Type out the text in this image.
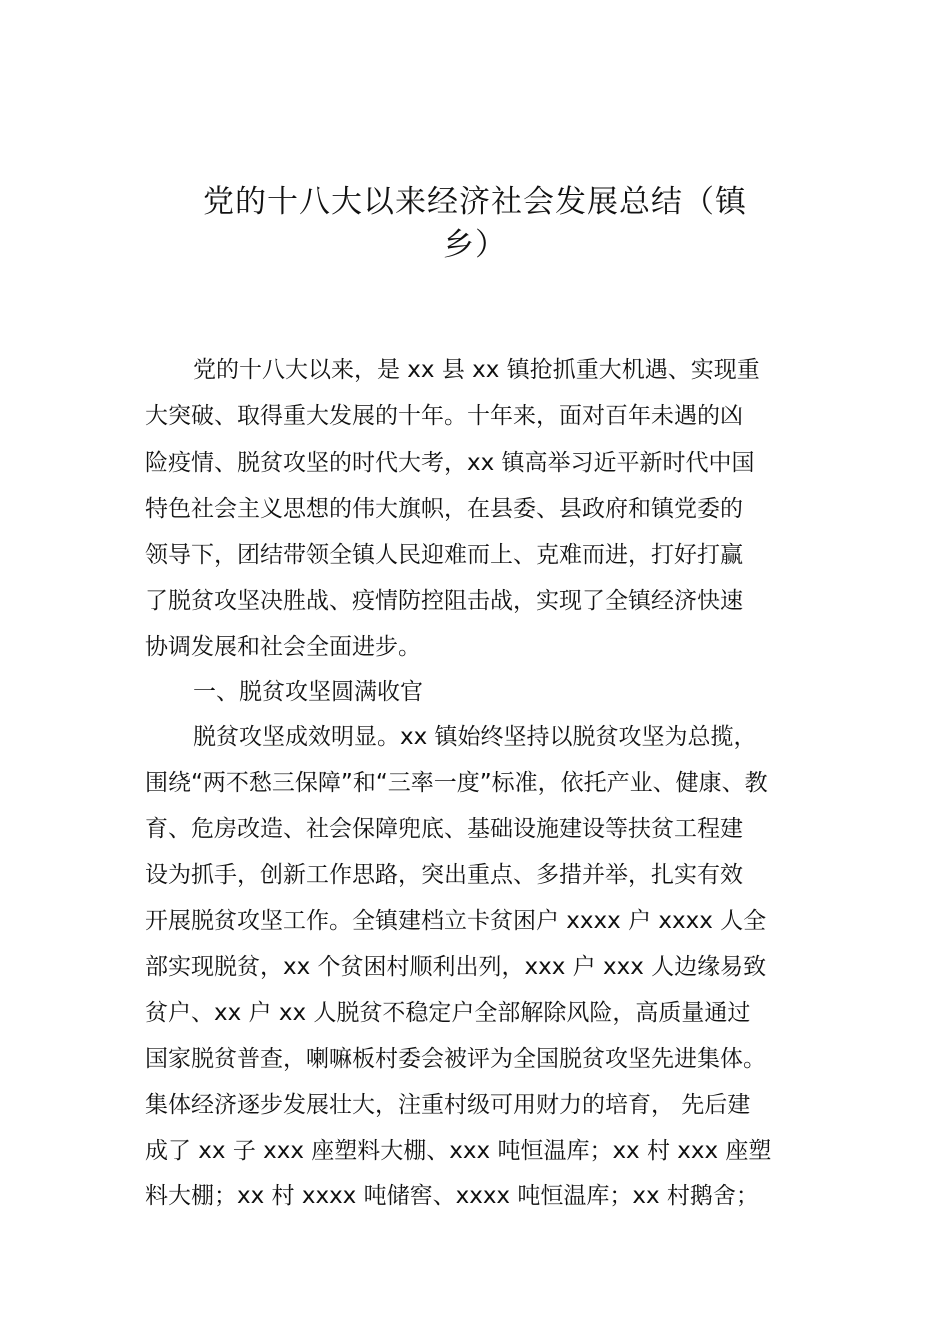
党的十八大以来经济社会发展总结（镇
乡）

党的十八大以来，是 xx 县 xx 镇抢抓重大机遇、实现重

大突破、取得重大发展的十年。十年来，面对百年未遇的凶

险疫情、脱贫攻坚的时代大考，xx 镇高举习近平新时代中国

特色社会主义思想的伟大旗帜，在县委、县政府和镇党委的

领导下，团结带领全镇人民迎难而上、克难而进，打好打赢

了脱贫攻坚决胜战、疫情防控阻击战，实现了全镇经济快速

协调发展和社会全面进步。

一、脱贫攻坚圆满收官

脱贫攻坚成效明显。xx 镇始终坚持以脱贫攻坚为总揽，

围绕“两不愁三保障”和“三率一度”标准，依托产业、健康、教

育、危房改造、社会保障兜底、基础设施建设等扶贫工程建

设为抓手，创新工作思路，突出重点、多措并举，扎实有效

开展脱贫攻坚工作。全镇建档立卡贫困户 xxxx 户 xxxx 人全

部实现脱贫，xx 个贫困村顺利出列，xxx 户 xxx 人边缘易致

贫户、xx 户 xx 人脱贫不稳定户全部解除风险，高质量通过

国家脱贫普查，喇嘛板村委会被评为全国脱贫攻坚先进集体。

集体经济逐步发展壮大，注重村级可用财力的培育， 先后建

成了 xx 子 xxx 座塑料大棚、xxx 吨恒温库；xx 村 xxx 座塑

料大棚；xx 村 xxxx 吨储窖、xxxx 吨恒温库；xx 村鹅舍；
